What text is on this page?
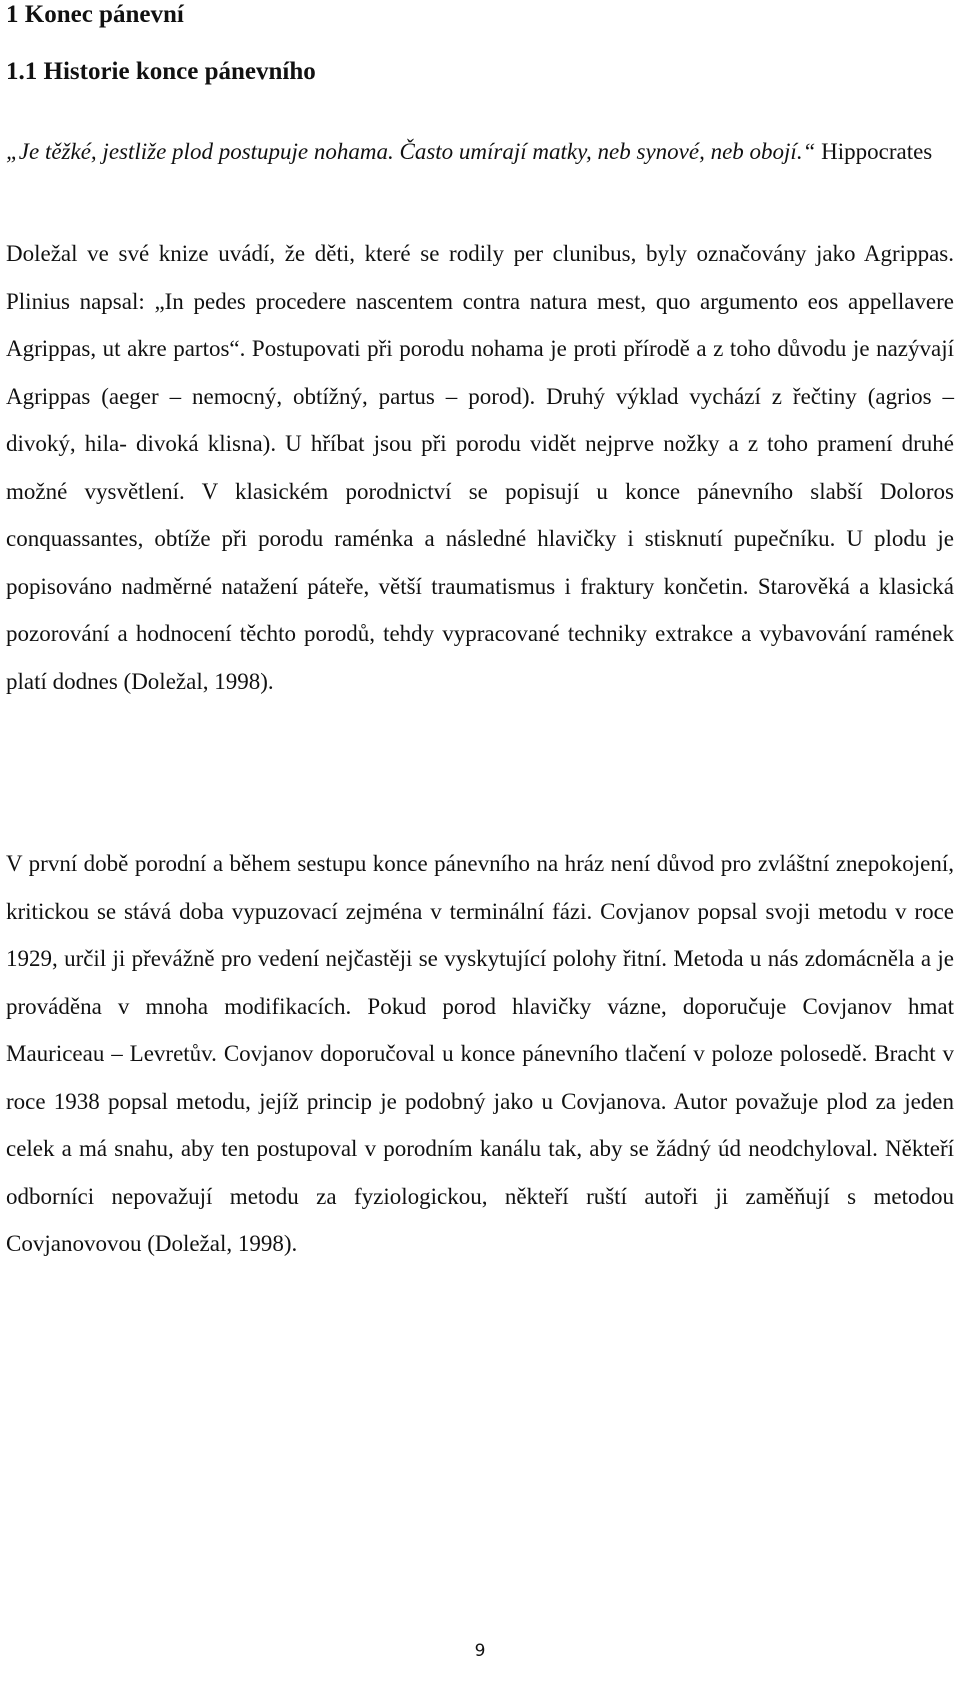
1 Konec pánevní
1.1 Historie konce pánevního
„Je těžké, jestliže plod postupuje nohama. Často umírají matky, neb synové, neb obojí.“ Hippocrates
Doležal ve své knize uvádí, že děti, které se rodily per clunibus, byly označovány jako Agrippas. Plinius napsal: „In pedes procedere nascentem contra natura mest, quo argumento eos appellavere Agrippas, ut akre partos“. Postupovati při porodu nohama je proti přírodě a z toho důvodu je nazývají Agrippas (aeger – nemocný, obtížný, partus – porod). Druhý výklad vychází z řečtiny (agrios – divoký, hila- divoká klisna). U hříbat jsou při porodu vidět nejprve nožky a z toho pramení druhé možné vysvětlení. V klasickém porodnictví se popisují u konce pánevního slabší Doloros conquassantes, obtíže při porodu raménka a následné hlavičky i stisknutí pupečníku. U plodu je popisováno nadměrné natažení páteře, větší traumatismus i fraktury končetin. Starověká a klasická pozorování a hodnocení těchto porodů, tehdy vypracované techniky extrakce a vybavování ramének platí dodnes (Doležal, 1998).
V první době porodní a během sestupu konce pánevního na hráz není důvod pro zvláštní znepokojení, kritickou se stává doba vypuzovací zejména v terminální fázi. Covjanov popsal svoji metodu v roce 1929, určil ji převážně pro vedení nejčastěji se vyskytující polohy řitní. Metoda u nás zdomácněla a je prováděna v mnoha modifikacích. Pokud porod hlavičky vázne, doporučuje Covjanov hmat Mauriceau – Levretův. Covjanov doporučoval u konce pánevního tlačení v poloze polosedě. Bracht v roce 1938 popsal metodu, jejíž princip je podobný jako u Covjanova. Autor považuje plod za jeden celek a má snahu, aby ten postupoval v porodním kanálu tak, aby se žádný úd neodchyloval. Někteří odborníci nepovažují metodu za fyziologickou, někteří ruští autoři ji zaměňují s metodou Covjanovovou (Doležal, 1998).
9
